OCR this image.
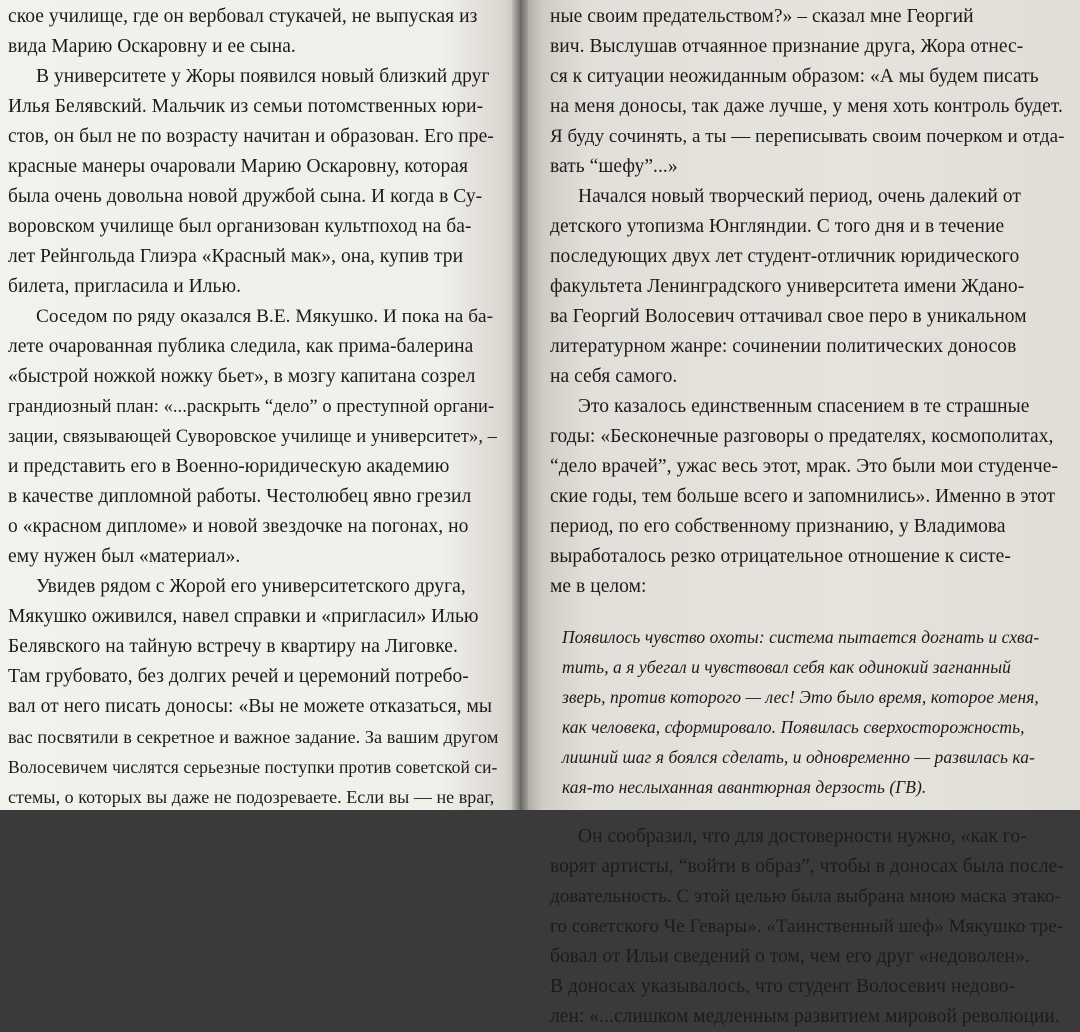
ское училище, где он вербовал стукачей, не выпуская из

вида Марию Оскаровну и ее сына.

В университете у Жоры появился новый близкий друг

Илья Белявский. Мальчик из семьи потомственных юри-

стов, он был не по возрасту начитан и образован. Его пре-

красные манеры очаровали Марию Оскаровну, которая

была очень довольна новой дружбой сына. И когда в Су-

воровском училище был организован культпоход на ба-

лет Рейнгольда Глиэра «Красный мак», она, купив три

билета, пригласила и Илью.

Соседом по ряду оказался В.Е. Мякушко. И пока на ба-

лете очарованная публика следила, как прима-балерина

«быстрой ножкой ножку бьет», в мозгу капитана созрел

грандиозный план: «...раскрыть “дело” о преступной органи-

зации, связывающей Суворовское училище и университет», –

и представить его в Военно-юридическую академию

в качестве дипломной работы. Честолюбец явно грезил

о «красном дипломе» и новой звездочке на погонах, но

ему нужен был «материал».

Увидев рядом с Жорой его университетского друга,

Мякушко оживился, навел справки и «пригласил» Илью

Белявского на тайную встречу в квартиру на Лиговке.

Там грубовато, без долгих речей и церемоний потребо-

вал от него писать доносы: «Вы не можете отказаться, мы

вас посвятили в секретное и важное задание. За вашим другом

Волосевичем числятся серьезные поступки против советской си-

стемы, о которых вы даже не подозреваете. Если вы — не враг,

ные своим предательством?» – сказал мне Георгий

вич. Выслушав отчаянное признание друга, Жора отнес-

ся к ситуации неожиданным образом: «А мы будем писать

на меня доносы, так даже лучше, у меня хоть контроль будет.

Я буду сочинять, а ты — переписывать своим почерком и отда-

вать “шефу”...»

Начался новый творческий период, очень далекий от

детского утопизма Юнгляндии. С того дня и в течение

последующих двух лет студент-отличник юридического

факультета Ленинградского университета имени Ждано-

ва Георгий Волосевич оттачивал свое перо в уникальном

литературном жанре: сочинении политических доносов

на себя самого.

Это казалось единственным спасением в те страшные

годы: «Бесконечные разговоры о предателях, космополитах,

“дело врачей”, ужас весь этот, мрак. Это были мои студенче-

ские годы, тем больше всего и запомнились». Именно в этот

период, по его собственному признанию, у Владимова

выработалось резко отрицательное отношение к систе-

ме в целом:

Появилось чувство охоты: система пытается догнать и схва-

тить, а я убегал и чувствовал себя как одинокий загнанный

зверь, против которого — лес! Это было время, которое меня,

как человека, сформировало. Появилась сверхосторожность,

лишний шаг я боялся сделать, и одновременно — развилась ка-

кая-то неслыханная авантюрная дерзость (ГВ).

Он сообразил, что для достоверности нужно, «как го-

ворят артисты, “войти в образ”, чтобы в доносах была после-

довательность. С этой целью была выбрана мною маска этако-

го советского Че Гевары». «Таинственный шеф» Мякушко тре-

бовал от Ильи сведений о том, чем его друг «недоволен».

В доносах указывалось, что студент Волосевич недово-

лен: «...слишком медленным развитием мировой революции.
